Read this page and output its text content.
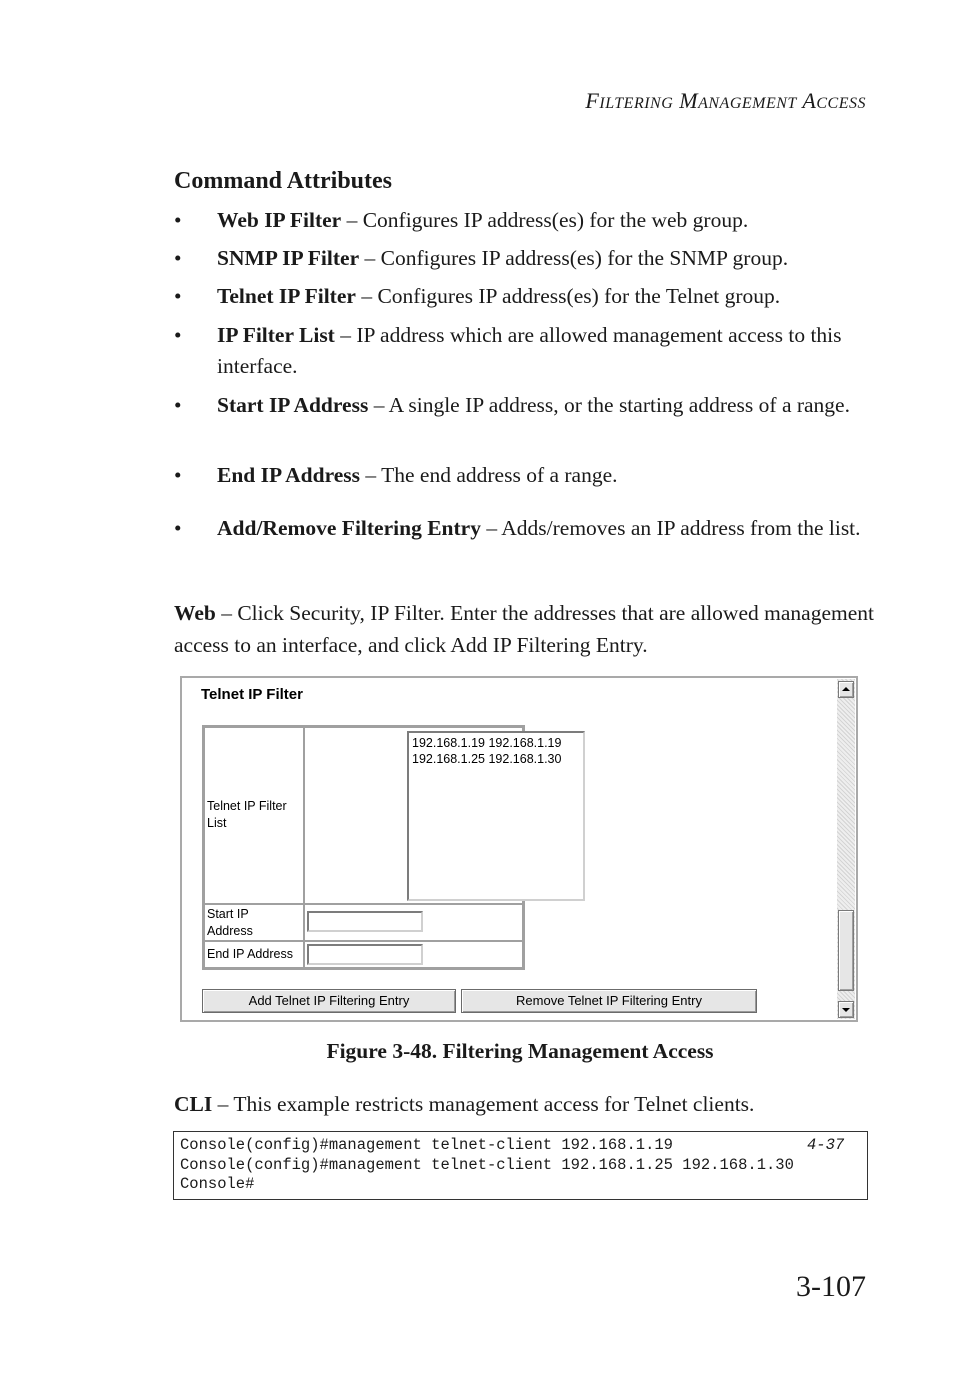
FILTERING MANAGEMENT ACCESS
Command Attributes
• Web IP Filter – Configures IP address(es) for the web group.
• SNMP IP Filter – Configures IP address(es) for the SNMP group.
• Telnet IP Filter – Configures IP address(es) for the Telnet group.
• IP Filter List – IP address which are allowed management access to this interface.
• Start IP Address – A single IP address, or the starting address of a range.
• End IP Address – The end address of a range.
• Add/Remove Filtering Entry – Adds/removes an IP address from the list.
Web – Click Security, IP Filter. Enter the addresses that are allowed management access to an interface, and click Add IP Filtering Entry.
Telnet IP Filter
Telnet IP Filter List
192.168.1.19 192.168.1.19
192.168.1.25 192.168.1.30
Start IP Address
End IP Address
Add Telnet IP Filtering Entry	Remove Telnet IP Filtering Entry
Figure 3-48. Filtering Management Access
CLI – This example restricts management access for Telnet clients.
Console(config)#management telnet-client 192.168.1.19
Console(config)#management telnet-client 192.168.1.25 192.168.1.30
Console#
4-37
3-107
